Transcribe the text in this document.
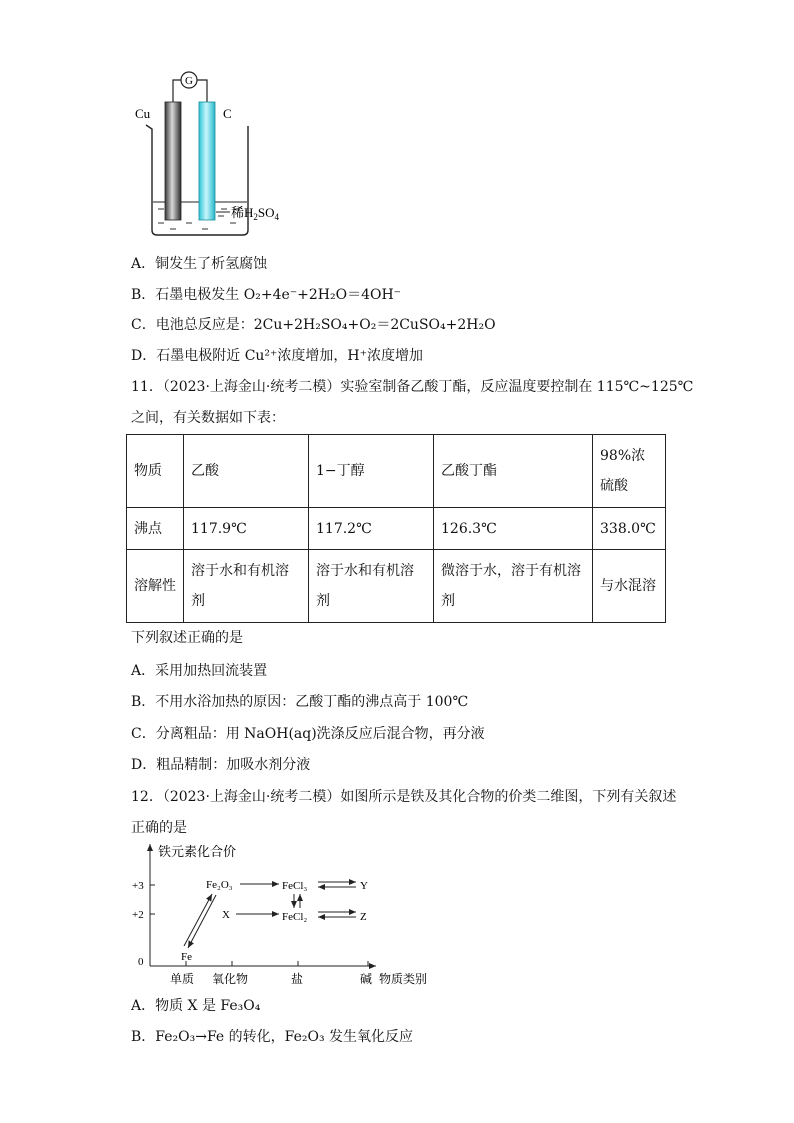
G
Cu	C
稀$H_2SO_4$
A．铜发生了析氢腐蚀
B．石墨电极发生 O₂+4e⁻+2H₂O＝4OH⁻
C．电池总反应是：2Cu+2H₂SO₄+O₂＝2CuSO₄+2H₂O
D．石墨电极附近 Cu²⁺浓度增加，H⁺浓度增加
11．（2023·上海金山·统考二模）实验室制备乙酸丁酯，反应温度要控制在 115℃~125℃
之间，有关数据如下表：
物质	乙酸	1−丁醇	乙酸丁酯	98%浓硫酸
沸点	117.9℃	117.2℃	126.3℃	338.0℃
溶解性	溶于水和有机溶剂	溶于水和有机溶剂	微溶于水，溶于有机溶剂	与水混溶
下列叙述正确的是
A．采用加热回流装置
B．不用水浴加热的原因：乙酸丁酯的沸点高于 100℃
C．分离粗品：用 NaOH(aq)洗涤反应后混合物，再分液
D．粗品精制：加吸水剂分液
12．（2023·上海金山·统考二模）如图所示是铁及其化合物的价类二维图，下列有关叙述
正确的是
铁元素化合价
+3
+2
0
单质 氧化物	盐	碱 物质类别
Fe
Fe₂O₃	FeCl₃
FeCl₂
X
Y
Z
A．物质 X 是 Fe₃O₄
B．Fe₂O₃→Fe 的转化，Fe₂O₃ 发生氧化反应
